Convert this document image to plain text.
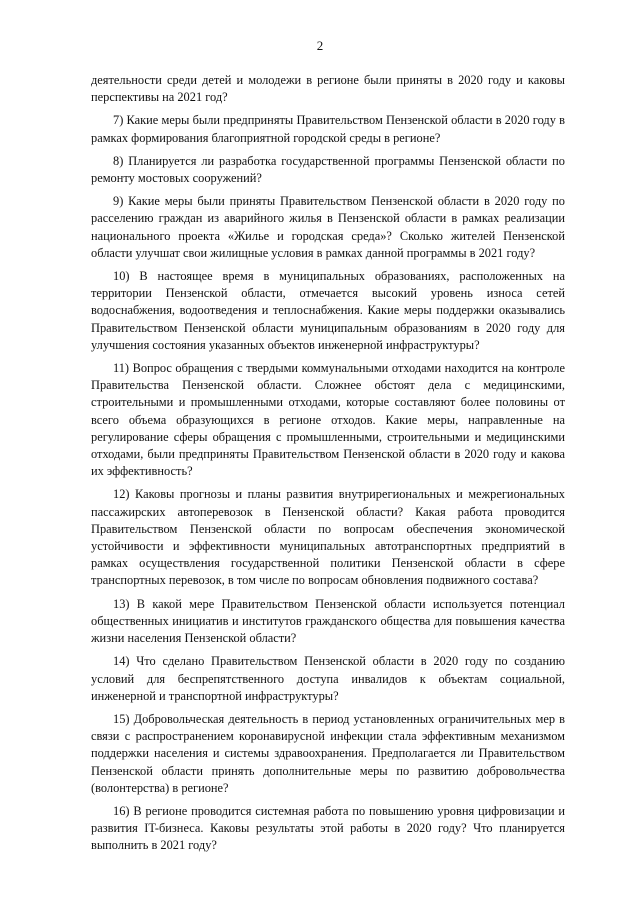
2

деятельности среди детей и молодежи в регионе были приняты в 2020 году и каковы перспективы на 2021 год?

7) Какие меры были предприняты Правительством Пензенской области в 2020 году в рамках формирования благоприятной городской среды в регионе?

8) Планируется ли разработка государственной программы Пензенской области по ремонту мостовых сооружений?

9) Какие меры были приняты Правительством Пензенской области в 2020 году по расселению граждан из аварийного жилья в Пензенской области в рамках реализации национального проекта «Жилье и городская среда»? Сколько жителей Пензенской области улучшат свои жилищные условия в рамках данной программы в 2021 году?

10) В настоящее время в муниципальных образованиях, расположенных на территории Пензенской области, отмечается высокий уровень износа сетей водоснабжения, водоотведения и теплоснабжения. Какие меры поддержки оказывались Правительством Пензенской области муниципальным образованиям в 2020 году для улучшения состояния указанных объектов инженерной инфраструктуры?

11) Вопрос обращения с твердыми коммунальными отходами находится на контроле Правительства Пензенской области. Сложнее обстоят дела с медицинскими, строительными и промышленными отходами, которые составляют более половины от всего объема образующихся в регионе отходов. Какие меры, направленные на регулирование сферы обращения с промышленными, строительными и медицинскими отходами, были предприняты Правительством Пензенской области в 2020 году и какова их эффективность?

12) Каковы прогнозы и планы развития внутрирегиональных и межрегиональных пассажирских автоперевозок в Пензенской области? Какая работа проводится Правительством Пензенской области по вопросам обеспечения экономической устойчивости и эффективности муниципальных автотранспортных предприятий в рамках осуществления государственной политики Пензенской области в сфере транспортных перевозок, в том числе по вопросам обновления подвижного состава?

13) В какой мере Правительством Пензенской области используется потенциал общественных инициатив и институтов гражданского общества для повышения качества жизни населения Пензенской области?

14) Что сделано Правительством Пензенской области в 2020 году по созданию условий для беспрепятственного доступа инвалидов к объектам социальной, инженерной и транспортной инфраструктуры?

15) Добровольческая деятельность в период установленных ограничительных мер в связи с распространением коронавирусной инфекции стала эффективным механизмом поддержки населения и системы здравоохранения. Предполагается ли Правительством Пензенской области принять дополнительные меры по развитию добровольчества (волонтерства) в регионе?

16) В регионе проводится системная работа по повышению уровня цифровизации и развития IT-бизнеса. Каковы результаты этой работы в 2020 году? Что планируется выполнить в 2021 году?
